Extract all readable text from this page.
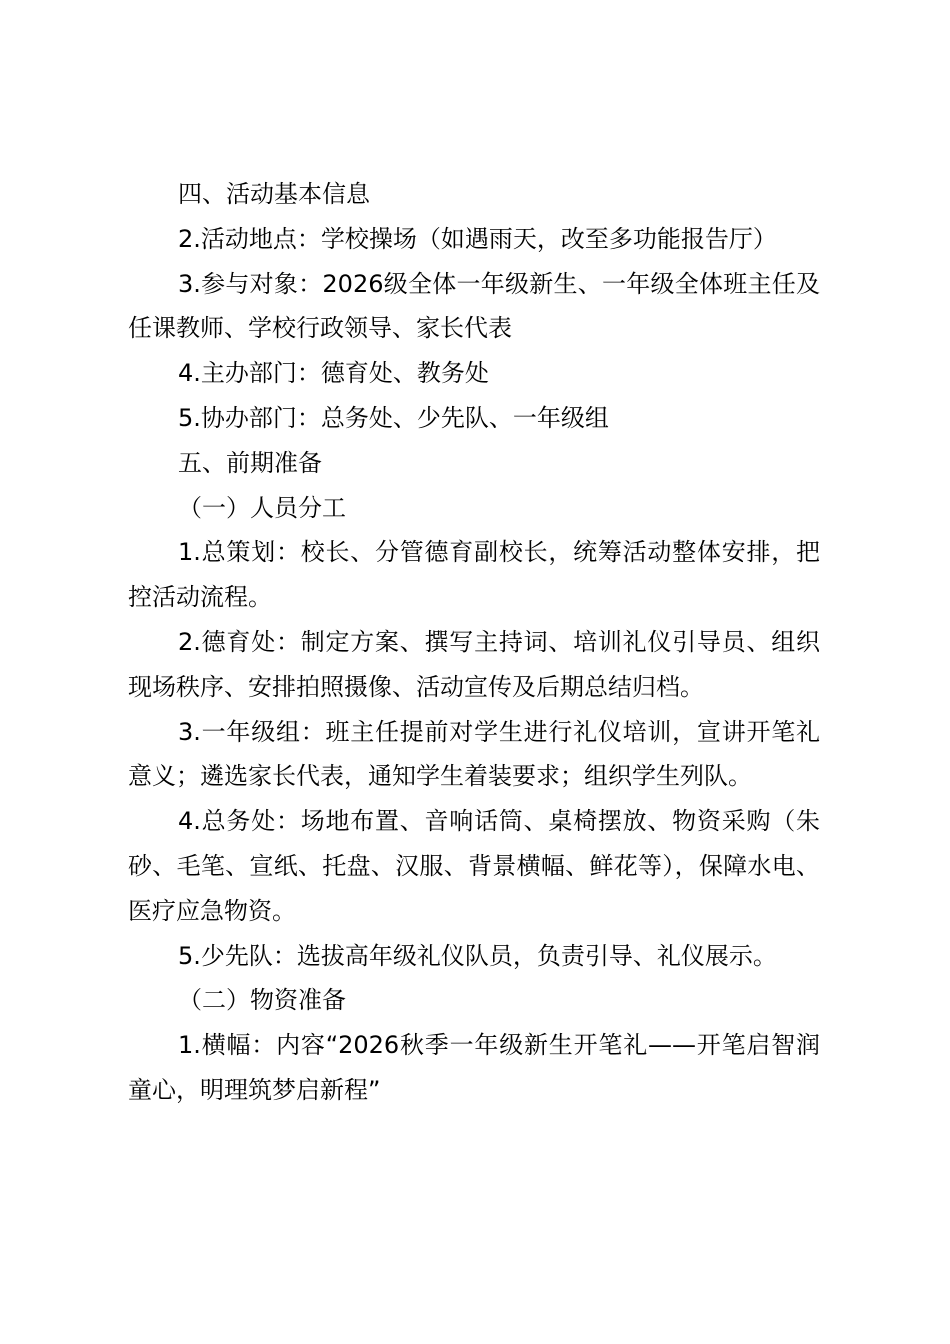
四、活动基本信息

2.活动地点：学校操场（如遇雨天，改至多功能报告厅）

3.参与对象：2026级全体一年级新生、一年级全体班主任及任课教师、学校行政领导、家长代表

4.主办部门：德育处、教务处

5.协办部门：总务处、少先队、一年级组

五、前期准备

（一）人员分工

1.总策划：校长、分管德育副校长，统筹活动整体安排，把控活动流程。

2.德育处：制定方案、撰写主持词、培训礼仪引导员、组织现场秩序、安排拍照摄像、活动宣传及后期总结归档。

3.一年级组：班主任提前对学生进行礼仪培训，宣讲开笔礼意义；遴选家长代表，通知学生着装要求；组织学生列队。

4.总务处：场地布置、音响话筒、桌椅摆放、物资采购（朱砂、毛笔、宣纸、托盘、汉服、背景横幅、鲜花等），保障水电、医疗应急物资。

5.少先队：选拔高年级礼仪队员，负责引导、礼仪展示。

（二）物资准备

1.横幅：内容“2026秋季一年级新生开笔礼——开笔启智润童心，明理筑梦启新程”
